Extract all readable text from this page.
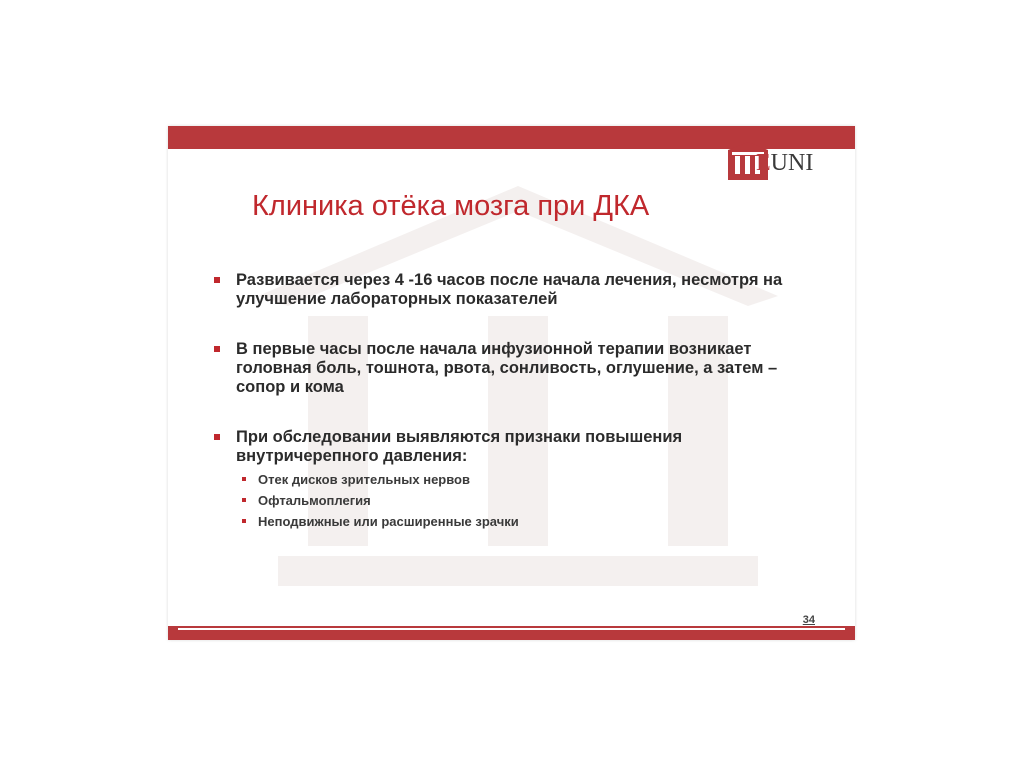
EUNI
Клиника отёка мозга при ДКА
Развивается через 4 -16 часов после начала лечения, несмотря на улучшение лабораторных показателей
В первые часы после начала инфузионной терапии возникает головная боль, тошнота, рвота, сонливость, оглушение, а затем – сопор и кома
При обследовании выявляются признаки повышения внутричерепного давления:
Отек дисков зрительных нервов
Офтальмоплегия
Неподвижные или расширенные зрачки
34
